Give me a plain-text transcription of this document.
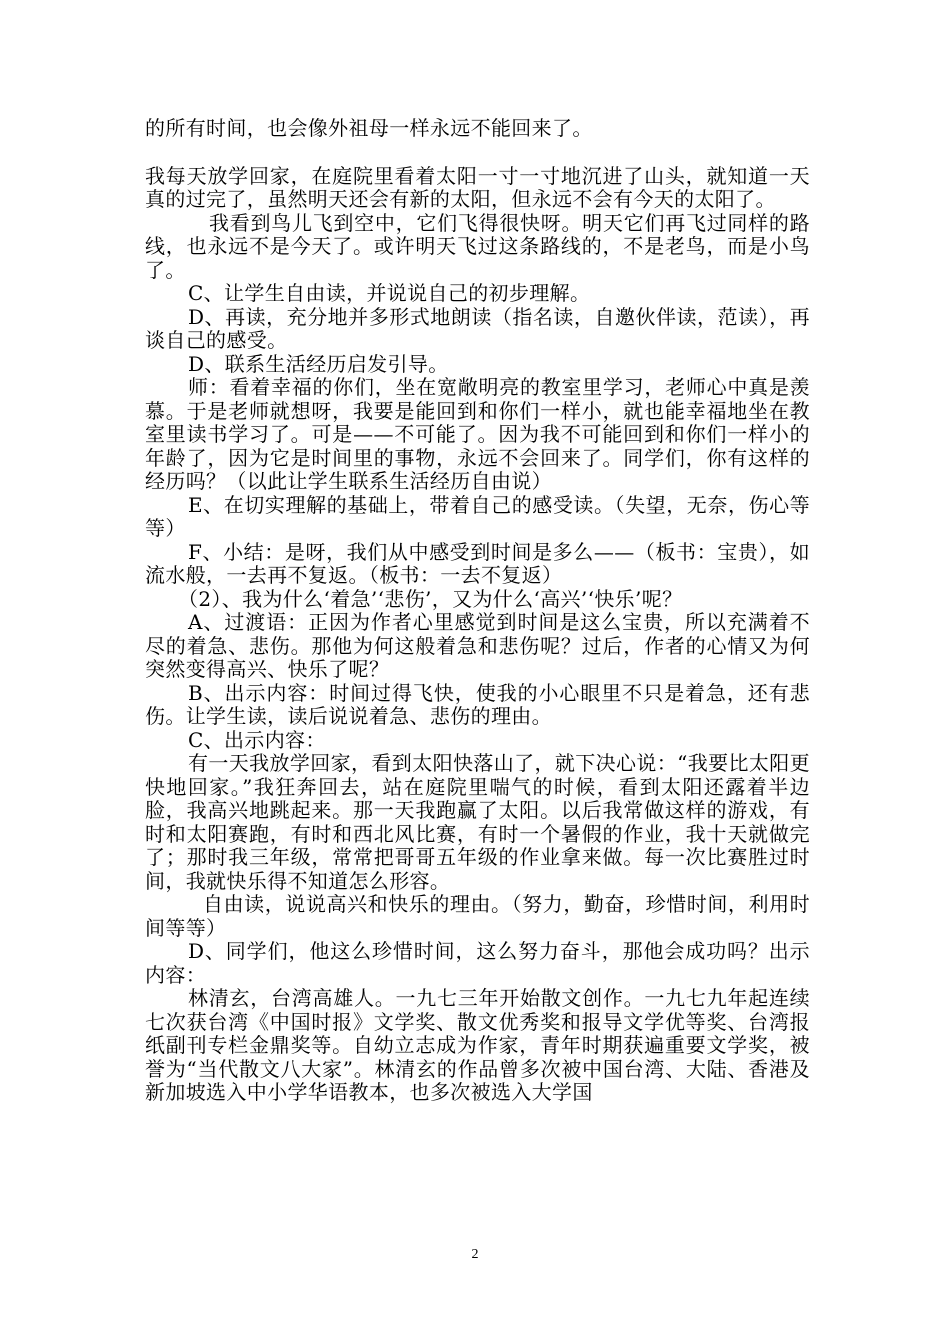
的所有时间，也会像外祖母一样永远不能回来了。

我每天放学回家，在庭院里看着太阳一寸一寸地沉进了山头，就知道一天真的过完了，虽然明天还会有新的太阳，但永远不会有今天的太阳了。

我看到鸟儿飞到空中，它们飞得很快呀。明天它们再飞过同样的路线，也永远不是今天了。或许明天飞过这条路线的，不是老鸟，而是小鸟了。

C、让学生自由读，并说说自己的初步理解。

D、再读，充分地并多形式地朗读（指名读，自邀伙伴读，范读），再谈自己的感受。

D、联系生活经历启发引导。

师：看着幸福的你们，坐在宽敞明亮的教室里学习，老师心中真是羡慕。于是老师就想呀，我要是能回到和你们一样小，就也能幸福地坐在教室里读书学习了。可是——不可能了。因为我不可能回到和你们一样小的年龄了，因为它是时间里的事物，永远不会回来了。同学们，你有这样的经历吗？（以此让学生联系生活经历自由说）

E、在切实理解的基础上，带着自己的感受读。（失望，无奈，伤心等等）

F、小结：是呀，我们从中感受到时间是多么——（板书：宝贵），如流水般，一去再不复返。（板书：一去不复返）

（2）、我为什么‘着急’‘悲伤’，又为什么‘高兴’‘快乐’呢？

A、过渡语：正因为作者心里感觉到时间是这么宝贵，所以充满着不尽的着急、悲伤。那他为何这般着急和悲伤呢？过后，作者的心情又为何突然变得高兴、快乐了呢？

B、出示内容：时间过得飞快，使我的小心眼里不只是着急，还有悲伤。让学生读，读后说说着急、悲伤的理由。

C、出示内容：

有一天我放学回家，看到太阳快落山了，就下决心说：“我要比太阳更快地回家。”我狂奔回去，站在庭院里喘气的时候，看到太阳还露着半边脸，我高兴地跳起来。那一天我跑赢了太阳。以后我常做这样的游戏，有时和太阳赛跑，有时和西北风比赛，有时一个暑假的作业，我十天就做完了；那时我三年级，常常把哥哥五年级的作业拿来做。每一次比赛胜过时间，我就快乐得不知道怎么形容。

自由读，说说高兴和快乐的理由。（努力，勤奋，珍惜时间，利用时间等等）

D、同学们，他这么珍惜时间，这么努力奋斗，那他会成功吗？出示内容：

林清玄，台湾高雄人。一九七三年开始散文创作。一九七九年起连续七次获台湾《中国时报》文学奖、散文优秀奖和报导文学优等奖、台湾报纸副刊专栏金鼎奖等。自幼立志成为作家，青年时期获遍重要文学奖，被誉为“当代散文八大家”。林清玄的作品曾多次被中国台湾、大陆、香港及新加坡选入中小学华语教本，也多次被选入大学国

2
